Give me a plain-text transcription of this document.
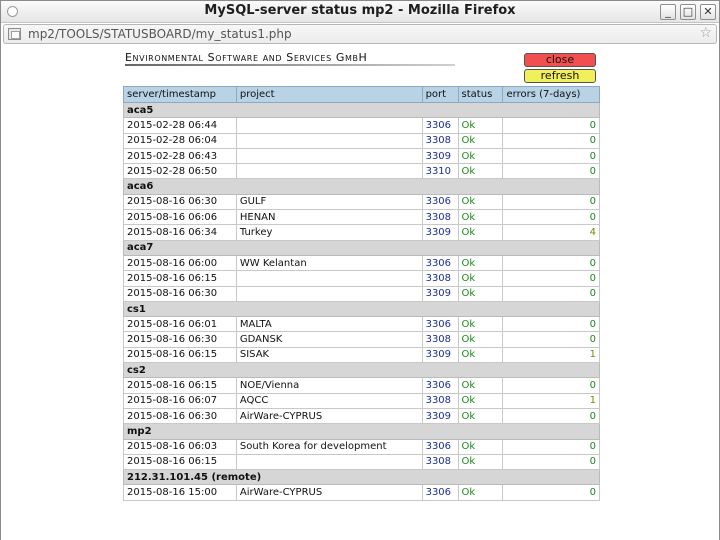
MySQL-server status mp2 - Mozilla Firefox	_	□ ✕
mp2/TOOLS/STATUSBOARD/my_status1.php	☆
Environmental Software and Services GmbH	close
refresh
server/timestamp	project	port	status	errors (7-days)
aca5				
2015-02-28 06:44		3306	Ok	0
2015-02-28 06:04		3308	Ok	0
2015-02-28 06:43		3309	Ok	0
2015-02-28 06:50		3310	Ok	0
aca6				
2015-08-16 06:30	GULF	3306	Ok	0
2015-08-16 06:06	HENAN	3308	Ok	0
2015-08-16 06:34	Turkey	3309	Ok	4
aca7				
2015-08-16 06:00	WW Kelantan	3306	Ok	0
2015-08-16 06:15		3308	Ok	0
2015-08-16 06:30		3309	Ok	0
cs1				
2015-08-16 06:01	MALTA	3306	Ok	0
2015-08-16 06:30	GDANSK	3308	Ok	0
2015-08-16 06:15	SISAK	3309	Ok	1
cs2				
2015-08-16 06:15	NOE/Vienna	3306	Ok	0
2015-08-16 06:07	AQCC	3308	Ok	1
2015-08-16 06:30	AirWare-CYPRUS	3309	Ok	0
mp2				
2015-08-16 06:03	South Korea for development	3306	Ok	0
2015-08-16 06:15		3308	Ok	0
212.31.101.45 (remote)				
2015-08-16 15:00	AirWare-CYPRUS	3306	Ok	0
